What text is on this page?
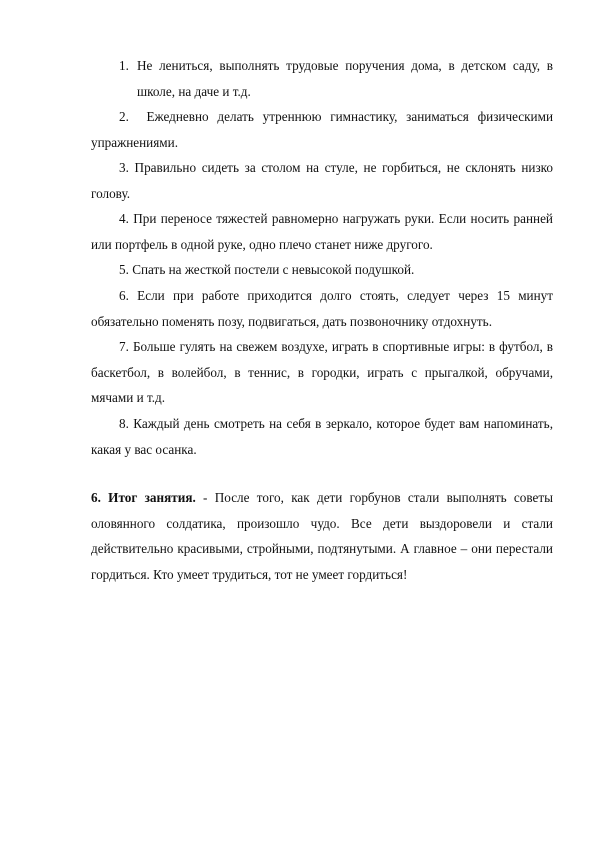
1. Не лениться, выполнять трудовые поручения дома, в детском саду, в школе, на даче и т.д.

2. Ежедневно делать утреннюю гимнастику, заниматься физическими упражнениями.

3. Правильно сидеть за столом на стуле, не горбиться, не склонять низко голову.

4. При переносе тяжестей равномерно нагружать руки. Если носить ранней или портфель в одной руке, одно плечо станет ниже другого.

5. Спать на жесткой постели с невысокой подушкой.

6. Если при работе приходится долго стоять, следует через 15 минут обязательно поменять позу, подвигаться, дать позвоночнику отдохнуть.

7. Больше гулять на свежем воздухе, играть в спортивные игры: в футбол, в баскетбол, в волейбол, в теннис, в городки, играть с прыгалкой, обручами, мячами и т.д.

8. Каждый день смотреть на себя в зеркало, которое будет вам напоминать, какая у вас осанка.

6. Итог занятия. - После того, как дети горбунов стали выполнять советы оловянного солдатика, произошло чудо. Все дети выздоровели и стали действительно красивыми, стройными, подтянутыми. А главное – они перестали гордиться. Кто умеет трудиться, тот не умеет гордиться!
